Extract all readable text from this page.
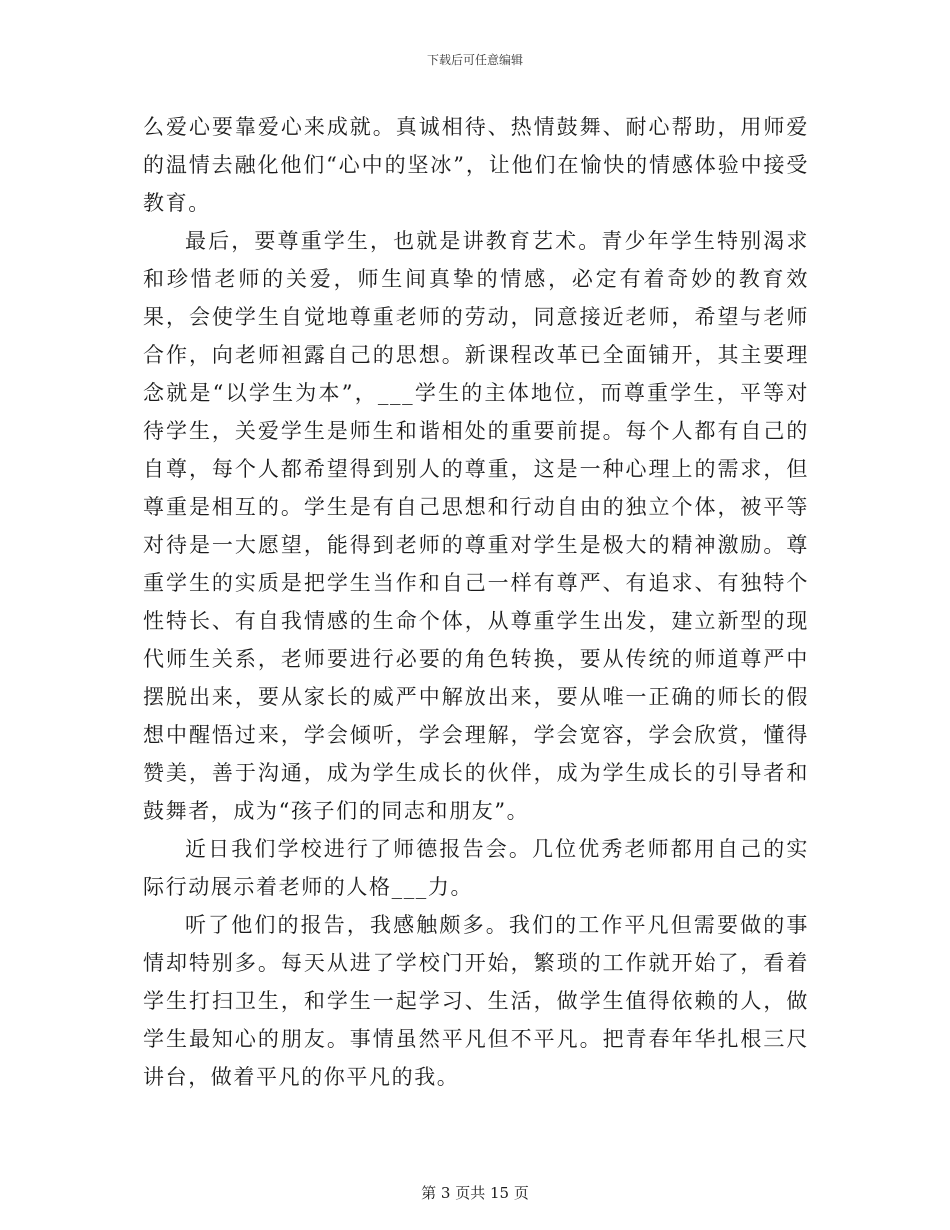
下载后可任意编辑

么爱心要靠爱心来成就。真诚相待、热情鼓舞、耐心帮助，用师爱的温情去融化他们“心中的坚冰”，让他们在愉快的情感体验中接受教育。

最后，要尊重学生，也就是讲教育艺术。青少年学生特别渴求和珍惜老师的关爱，师生间真挚的情感，必定有着奇妙的教育效果，会使学生自觉地尊重老师的劳动，同意接近老师，希望与老师合作，向老师袒露自己的思想。新课程改革已全面铺开，其主要理念就是“以学生为本”，___学生的主体地位，而尊重学生，平等对待学生，关爱学生是师生和谐相处的重要前提。每个人都有自己的自尊，每个人都希望得到别人的尊重，这是一种心理上的需求，但尊重是相互的。学生是有自己思想和行动自由的独立个体，被平等对待是一大愿望，能得到老师的尊重对学生是极大的精神激励。尊重学生的实质是把学生当作和自己一样有尊严、有追求、有独特个性特长、有自我情感的生命个体，从尊重学生出发，建立新型的现代师生关系，老师要进行必要的角色转换，要从传统的师道尊严中摆脱出来，要从家长的威严中解放出来，要从唯一正确的师长的假想中醒悟过来，学会倾听，学会理解，学会宽容，学会欣赏，懂得赞美，善于沟通，成为学生成长的伙伴，成为学生成长的引导者和鼓舞者，成为“孩子们的同志和朋友”。

近日我们学校进行了师德报告会。几位优秀老师都用自己的实际行动展示着老师的人格___力。

听了他们的报告，我感触颇多。我们的工作平凡但需要做的事情却特别多。每天从进了学校门开始，繁琐的工作就开始了，看着学生打扫卫生，和学生一起学习、生活，做学生值得依赖的人，做学生最知心的朋友。事情虽然平凡但不平凡。把青春年华扎根三尺讲台，做着平凡的你平凡的我。

第 3 页共 15 页
